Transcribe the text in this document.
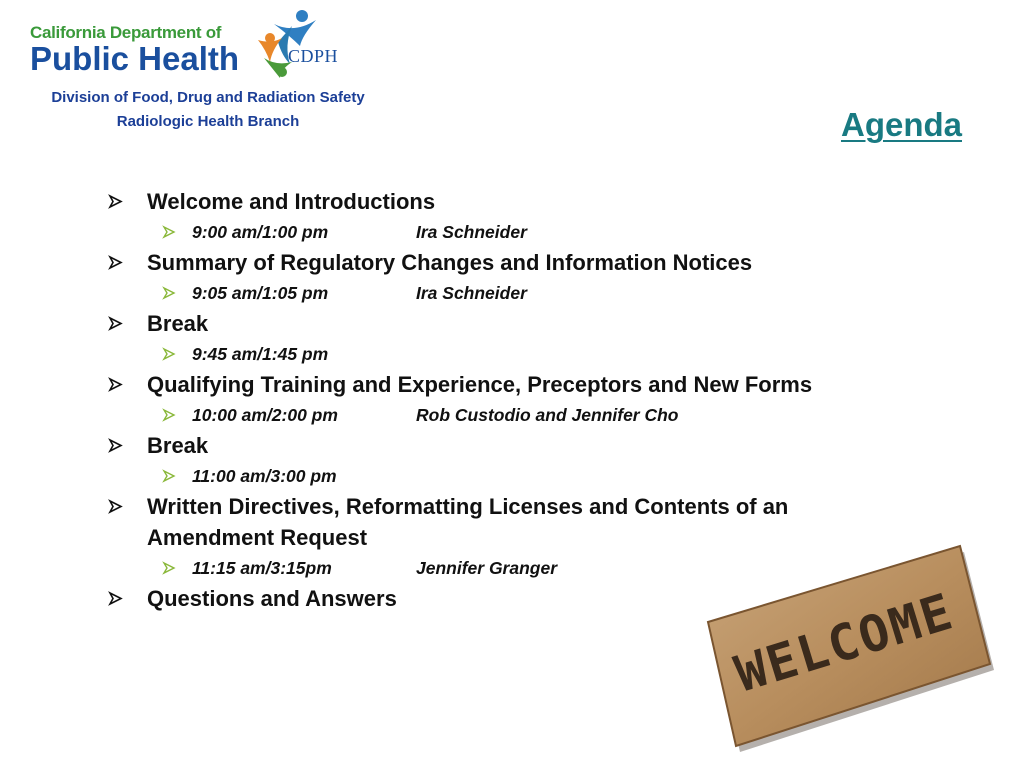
California Department of
Public Health	CDPH
Division of Food, Drug and Radiation Safety
Radiologic Health Branch	Agenda
Welcome and Introductions
9:00 am/1:00 pm	Ira Schneider
Summary of Regulatory Changes and Information Notices
9:05 am/1:05 pm	Ira Schneider
Break
9:45 am/1:45 pm
Qualifying Training and Experience, Preceptors and New Forms
10:00 am/2:00 pm	Rob Custodio and Jennifer Cho
Break
11:00 am/3:00 pm
Written Directives, Reformatting Licenses and Contents of an Amendment Request
11:15 am/3:15pm	Jennifer Granger
Questions and Answers	WELCOME
